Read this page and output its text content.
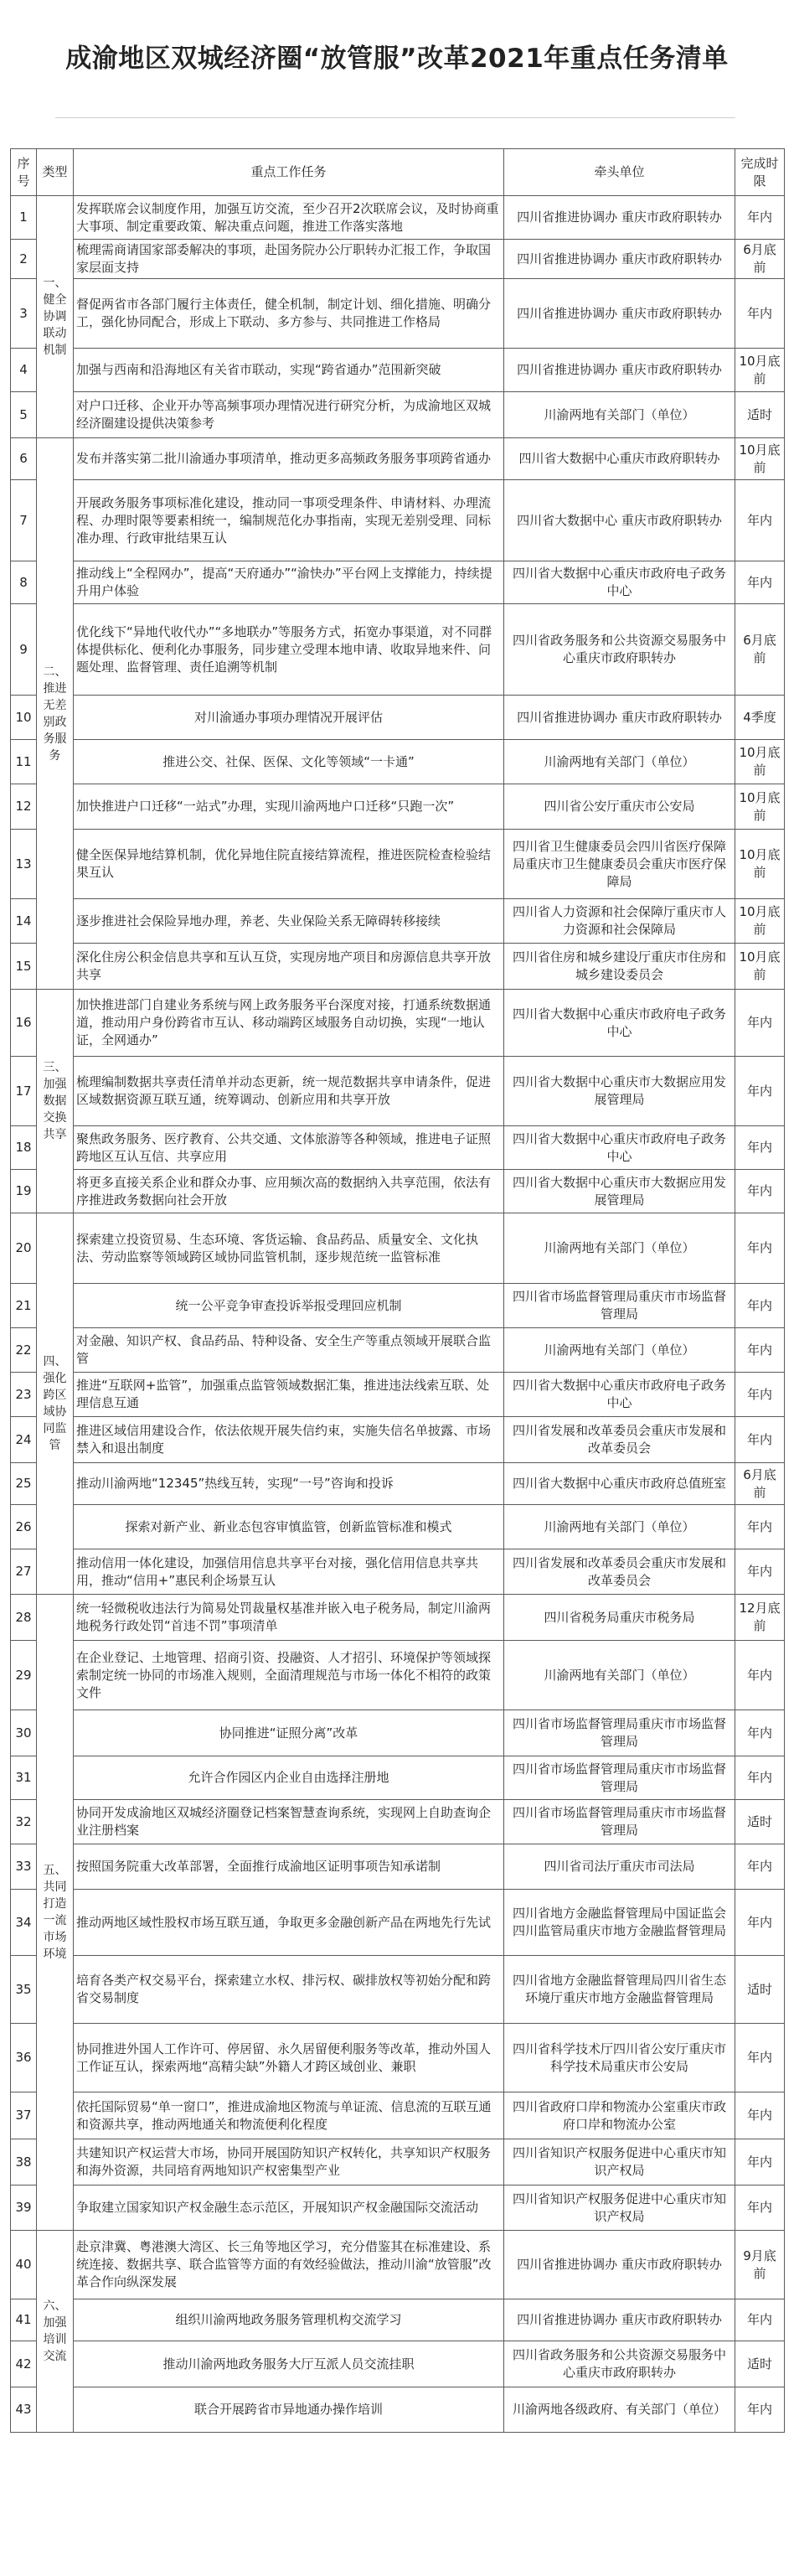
成渝地区双城经济圈“放管服”改革2021年重点任务清单
序号	类型	重点工作任务	牵头单位	完成时限
1	一、健全协调联动机制	发挥联席会议制度作用，加强互访交流，至少召开2次联席会议，及时协商重大事项、制定重要政策、解决重点问题，推进工作落实落地	四川省推进协调办 重庆市政府职转办	年内
2		梳理需商请国家部委解决的事项，赴国务院办公厅职转办汇报工作，争取国家层面支持	四川省推进协调办 重庆市政府职转办	6月底前
3		督促两省市各部门履行主体责任，健全机制，制定计划、细化措施、明确分工，强化协同配合，形成上下联动、多方参与、共同推进工作格局	四川省推进协调办 重庆市政府职转办	年内
4		加强与西南和沿海地区有关省市联动，实现“跨省通办”范围新突破	四川省推进协调办 重庆市政府职转办	10月底前
5		对户口迁移、企业开办等高频事项办理情况进行研究分析，为成渝地区双城经济圈建设提供决策参考	川渝两地有关部门（单位）	适时
6	二、推进无差别政务服务	发布并落实第二批川渝通办事项清单，推动更多高频政务服务事项跨省通办	四川省大数据中心重庆市政府职转办	10月底前
7		开展政务服务事项标准化建设，推动同一事项受理条件、申请材料、办理流程、办理时限等要素相统一，编制规范化办事指南，实现无差别受理、同标准办理、行政审批结果互认	四川省大数据中心 重庆市政府职转办	年内
8		推动线上“全程网办”，提高“天府通办”“渝快办”平台网上支撑能力，持续提升用户体验	四川省大数据中心重庆市政府电子政务中心	年内
9		优化线下“异地代收代办”“多地联办”等服务方式，拓宽办事渠道，对不同群体提供标化、便利化办事服务，同步建立受理本地申请、收取异地来件、问题处理、监督管理、责任追溯等机制	四川省政务服务和公共资源交易服务中心重庆市政府职转办	6月底前
10		对川渝通办事项办理情况开展评估	四川省推进协调办 重庆市政府职转办	4季度
11		推进公交、社保、医保、文化等领域“一卡通”	川渝两地有关部门（单位）	10月底前
12		加快推进户口迁移“一站式”办理，实现川渝两地户口迁移“只跑一次”	四川省公安厅重庆市公安局	10月底前
13		健全医保异地结算机制，优化异地住院直接结算流程，推进医院检查检验结果互认	四川省卫生健康委员会四川省医疗保障局重庆市卫生健康委员会重庆市医疗保障局	10月底前
14		逐步推进社会保险异地办理，养老、失业保险关系无障碍转移接续	四川省人力资源和社会保障厅重庆市人力资源和社会保障局	10月底前
15		深化住房公积金信息共享和互认互贷，实现房地产项目和房源信息共享开放共享	四川省住房和城乡建设厅重庆市住房和城乡建设委员会	10月底前
16	三、加强数据交换共享	加快推进部门自建业务系统与网上政务服务平台深度对接，打通系统数据通道，推动用户身份跨省市互认、移动端跨区域服务自动切换，实现“一地认证，全网通办”	四川省大数据中心重庆市政府电子政务中心	年内
17		梳理编制数据共享责任清单并动态更新，统一规范数据共享申请条件，促进区域数据资源互联互通，统筹调动、创新应用和共享开放	四川省大数据中心重庆市大数据应用发展管理局	年内
18		聚焦政务服务、医疗教育、公共交通、文体旅游等各种领域，推进电子证照跨地区互认互信、共享应用	四川省大数据中心重庆市政府电子政务中心	年内
19		将更多直接关系企业和群众办事、应用频次高的数据纳入共享范围，依法有序推进政务数据向社会开放	四川省大数据中心重庆市大数据应用发展管理局	年内
20	四、强化跨区域协同监管	探索建立投资贸易、生态环境、客货运输、食品药品、质量安全、文化执法、劳动监察等领域跨区域协同监管机制，逐步规范统一监管标准	川渝两地有关部门（单位）	年内
21		统一公平竞争审查投诉举报受理回应机制	四川省市场监督管理局重庆市市场监督管理局	年内
22		对金融、知识产权、食品药品、特种设备、安全生产等重点领域开展联合监管	川渝两地有关部门（单位）	年内
23		推进“互联网+监管”，加强重点监管领域数据汇集，推进违法线索互联、处理信息互通	四川省大数据中心重庆市政府电子政务中心	年内
24		推进区域信用建设合作，依法依规开展失信约束，实施失信名单披露、市场禁入和退出制度	四川省发展和改革委员会重庆市发展和改革委员会	年内
25		推动川渝两地“12345”热线互转，实现“一号”咨询和投诉	四川省大数据中心重庆市政府总值班室	6月底前
26		探索对新产业、新业态包容审慎监管，创新监管标准和模式	川渝两地有关部门（单位）	年内
27		推动信用一体化建设，加强信用信息共享平台对接，强化信用信息共享共用，推动“信用+”惠民利企场景互认	四川省发展和改革委员会重庆市发展和改革委员会	年内
28	五、共同打造一流市场环境	统一轻微税收违法行为简易处罚裁量权基准并嵌入电子税务局，制定川渝两地税务行政处罚“首违不罚”事项清单	四川省税务局重庆市税务局	12月底前
29		在企业登记、土地管理、招商引资、投融资、人才招引、环境保护等领域探索制定统一协同的市场准入规则，全面清理规范与市场一体化不相符的政策文件	川渝两地有关部门（单位）	年内
30		协同推进“证照分离”改革	四川省市场监督管理局重庆市市场监督管理局	年内
31		允许合作园区内企业自由选择注册地	四川省市场监督管理局重庆市市场监督管理局	年内
32		协同开发成渝地区双城经济圈登记档案智慧查询系统，实现网上自助查询企业注册档案	四川省市场监督管理局重庆市市场监督管理局	适时
33		按照国务院重大改革部署，全面推行成渝地区证明事项告知承诺制	四川省司法厅重庆市司法局	年内
34		推动两地区域性股权市场互联互通，争取更多金融创新产品在两地先行先试	四川省地方金融监督管理局中国证监会四川监管局重庆市地方金融监督管理局	年内
35		培育各类产权交易平台，探索建立水权、排污权、碳排放权等初始分配和跨省交易制度	四川省地方金融监督管理局四川省生态环境厅重庆市地方金融监督管理局	适时
36		协同推进外国人工作许可、停居留、永久居留便利服务等改革，推动外国人工作证互认，探索两地“高精尖缺”外籍人才跨区域创业、兼职	四川省科学技术厅四川省公安厅重庆市科学技术局重庆市公安局	年内
37		依托国际贸易“单一窗口”，推进成渝地区物流与单证流、信息流的互联互通和资源共享，推动两地通关和物流便利化程度	四川省政府口岸和物流办公室重庆市政府口岸和物流办公室	年内
38		共建知识产权运营大市场，协同开展国防知识产权转化，共享知识产权服务和海外资源，共同培育两地知识产权密集型产业	四川省知识产权服务促进中心重庆市知识产权局	年内
39		争取建立国家知识产权金融生态示范区，开展知识产权金融国际交流活动	四川省知识产权服务促进中心重庆市知识产权局	年内
40	六、加强培训交流	赴京津冀、粤港澳大湾区、长三角等地区学习，充分借鉴其在标准建设、系统连接、数据共享、联合监管等方面的有效经验做法，推动川渝“放管服”改革合作向纵深发展	四川省推进协调办 重庆市政府职转办	9月底前
41		组织川渝两地政务服务管理机构交流学习	四川省推进协调办 重庆市政府职转办	年内
42		推动川渝两地政务服务大厅互派人员交流挂职	四川省政务服务和公共资源交易服务中心重庆市政府职转办	适时
43		联合开展跨省市异地通办操作培训	川渝两地各级政府、有关部门（单位）	年内
